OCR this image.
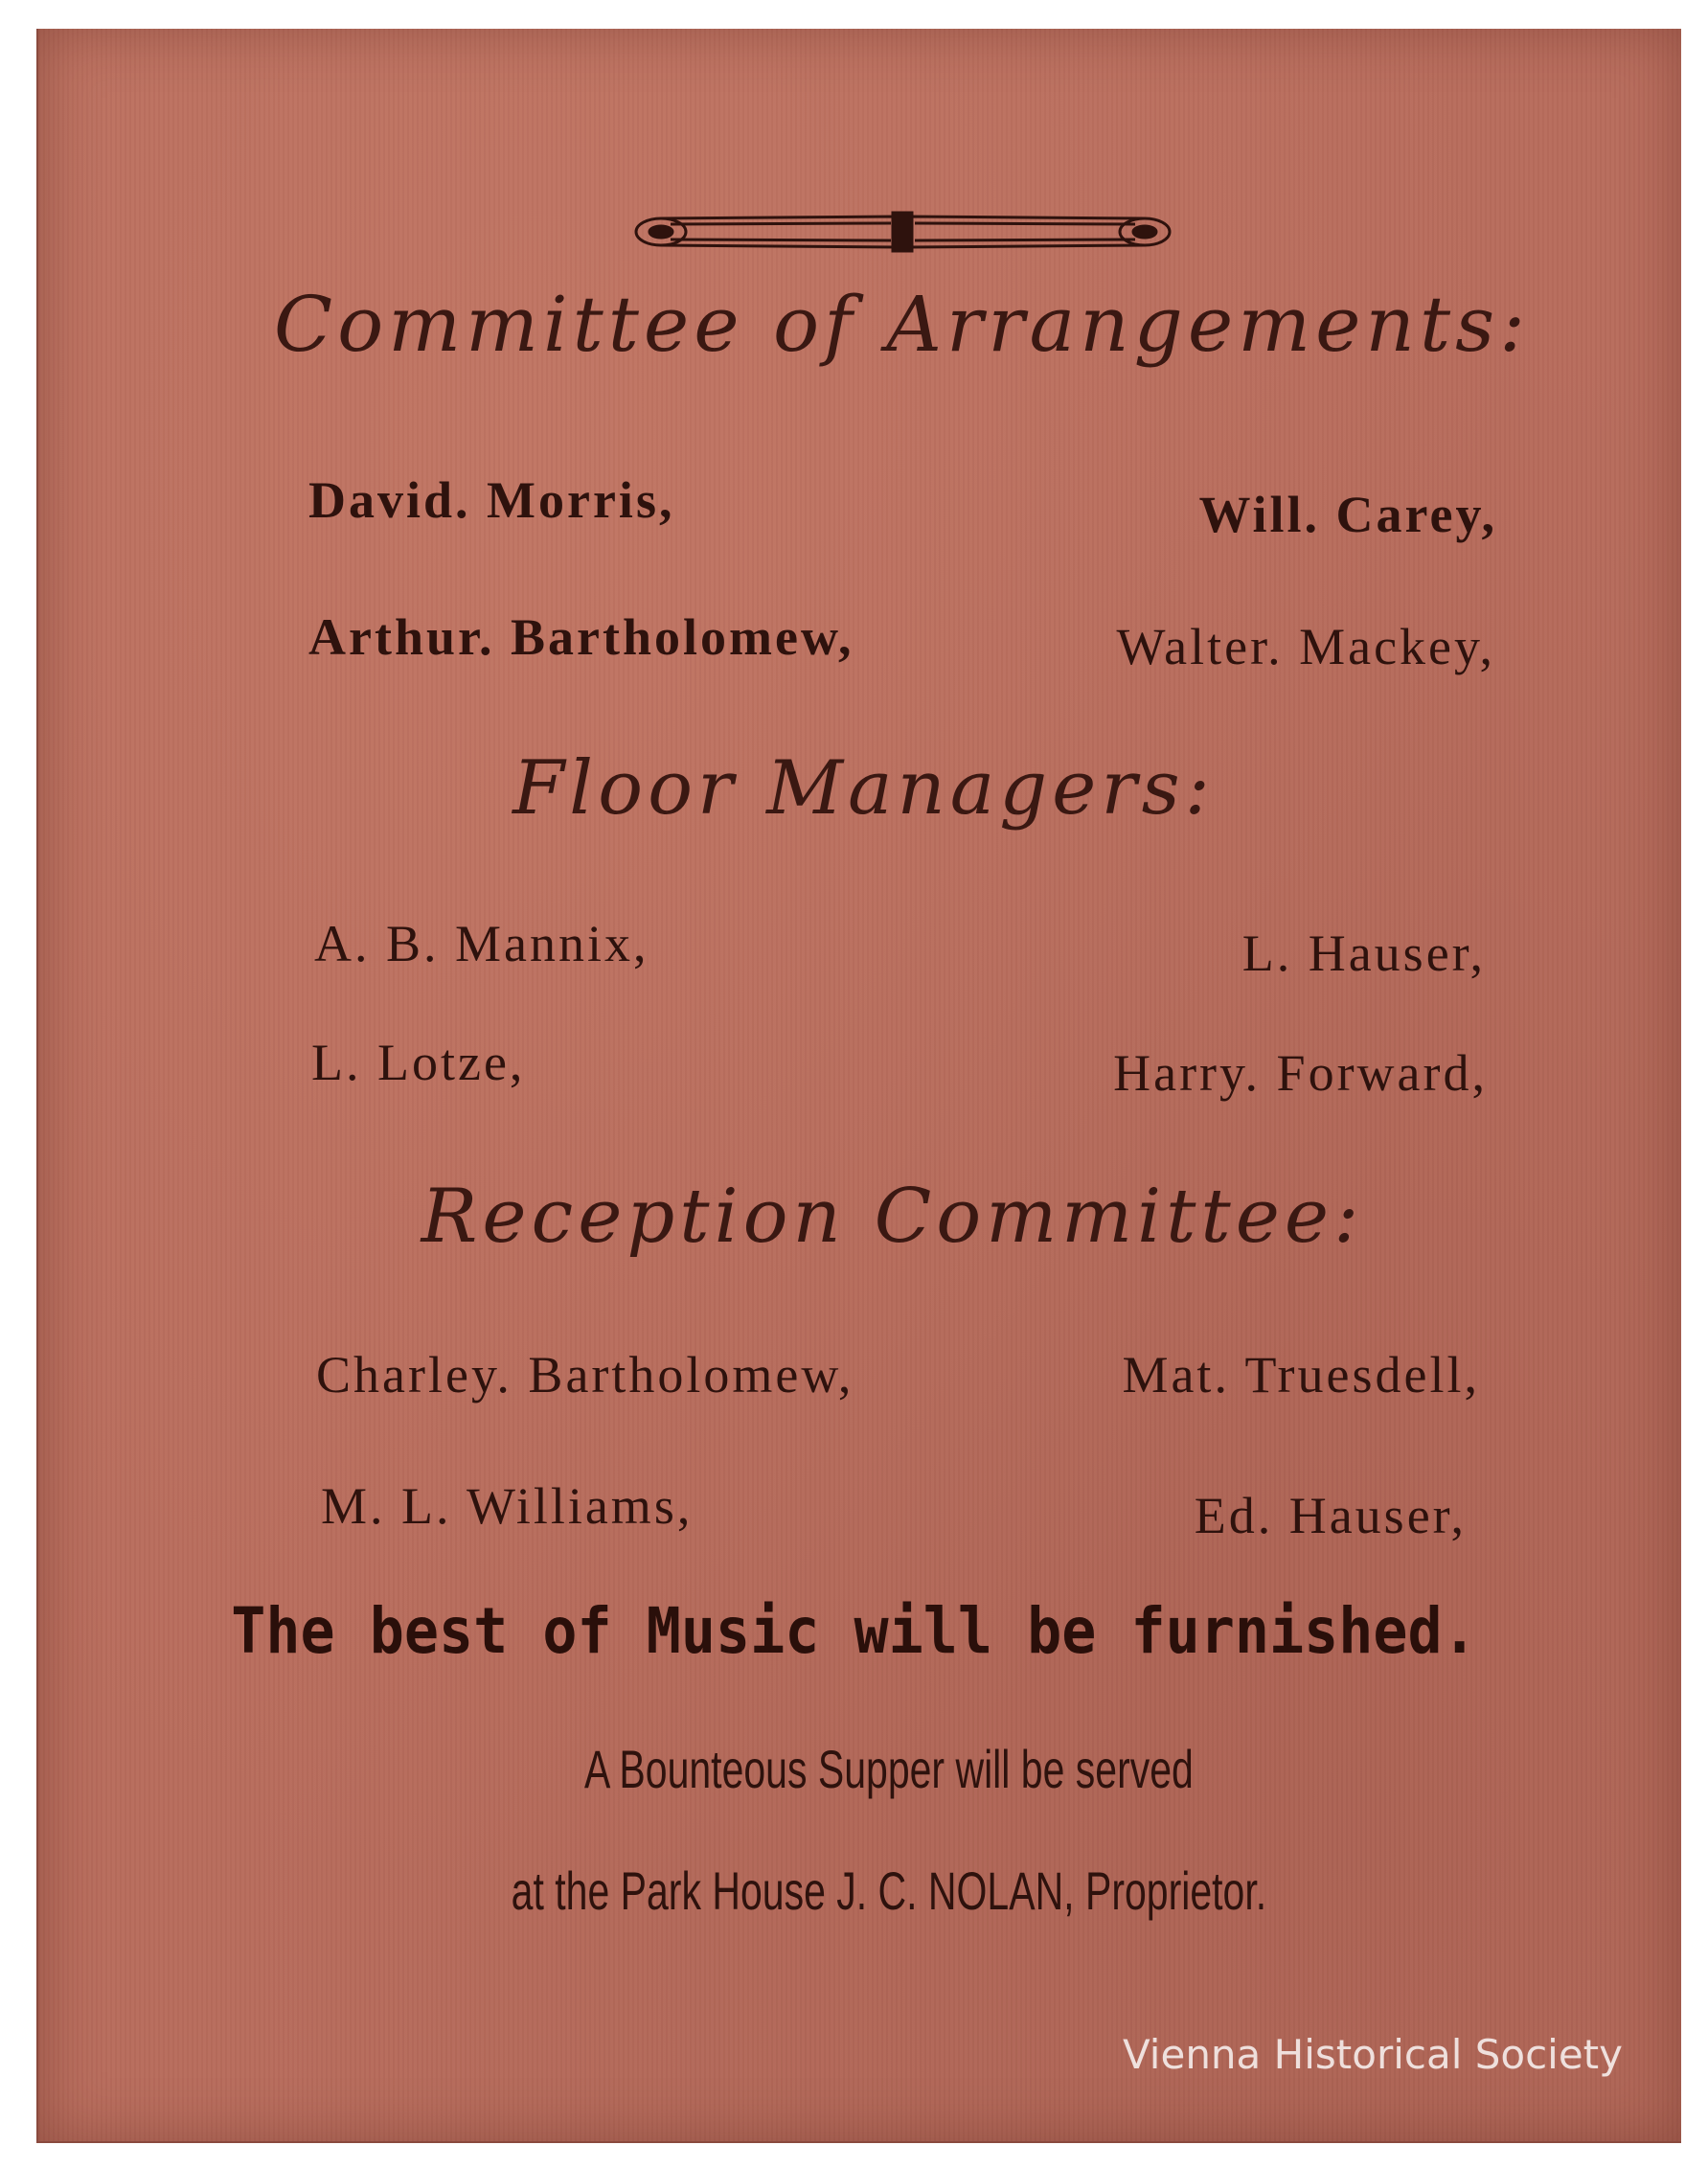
Committee of Arrangements:
David. Morris,	Will. Carey,
Arthur. Bartholomew,	Walter. Mackey,
Floor Managers:
A. B. Mannix,	L. Hauser,
L. Lotze,	Harry. Forward,
Reception Committee:
Charley. Bartholomew,	Mat. Truesdell,
M. L. Williams,	Ed. Hauser,
The best of Music will be furnished.
A Bounteous Supper will be served
at the Park House J. C. NOLAN, Proprietor.
Vienna Historical Society
